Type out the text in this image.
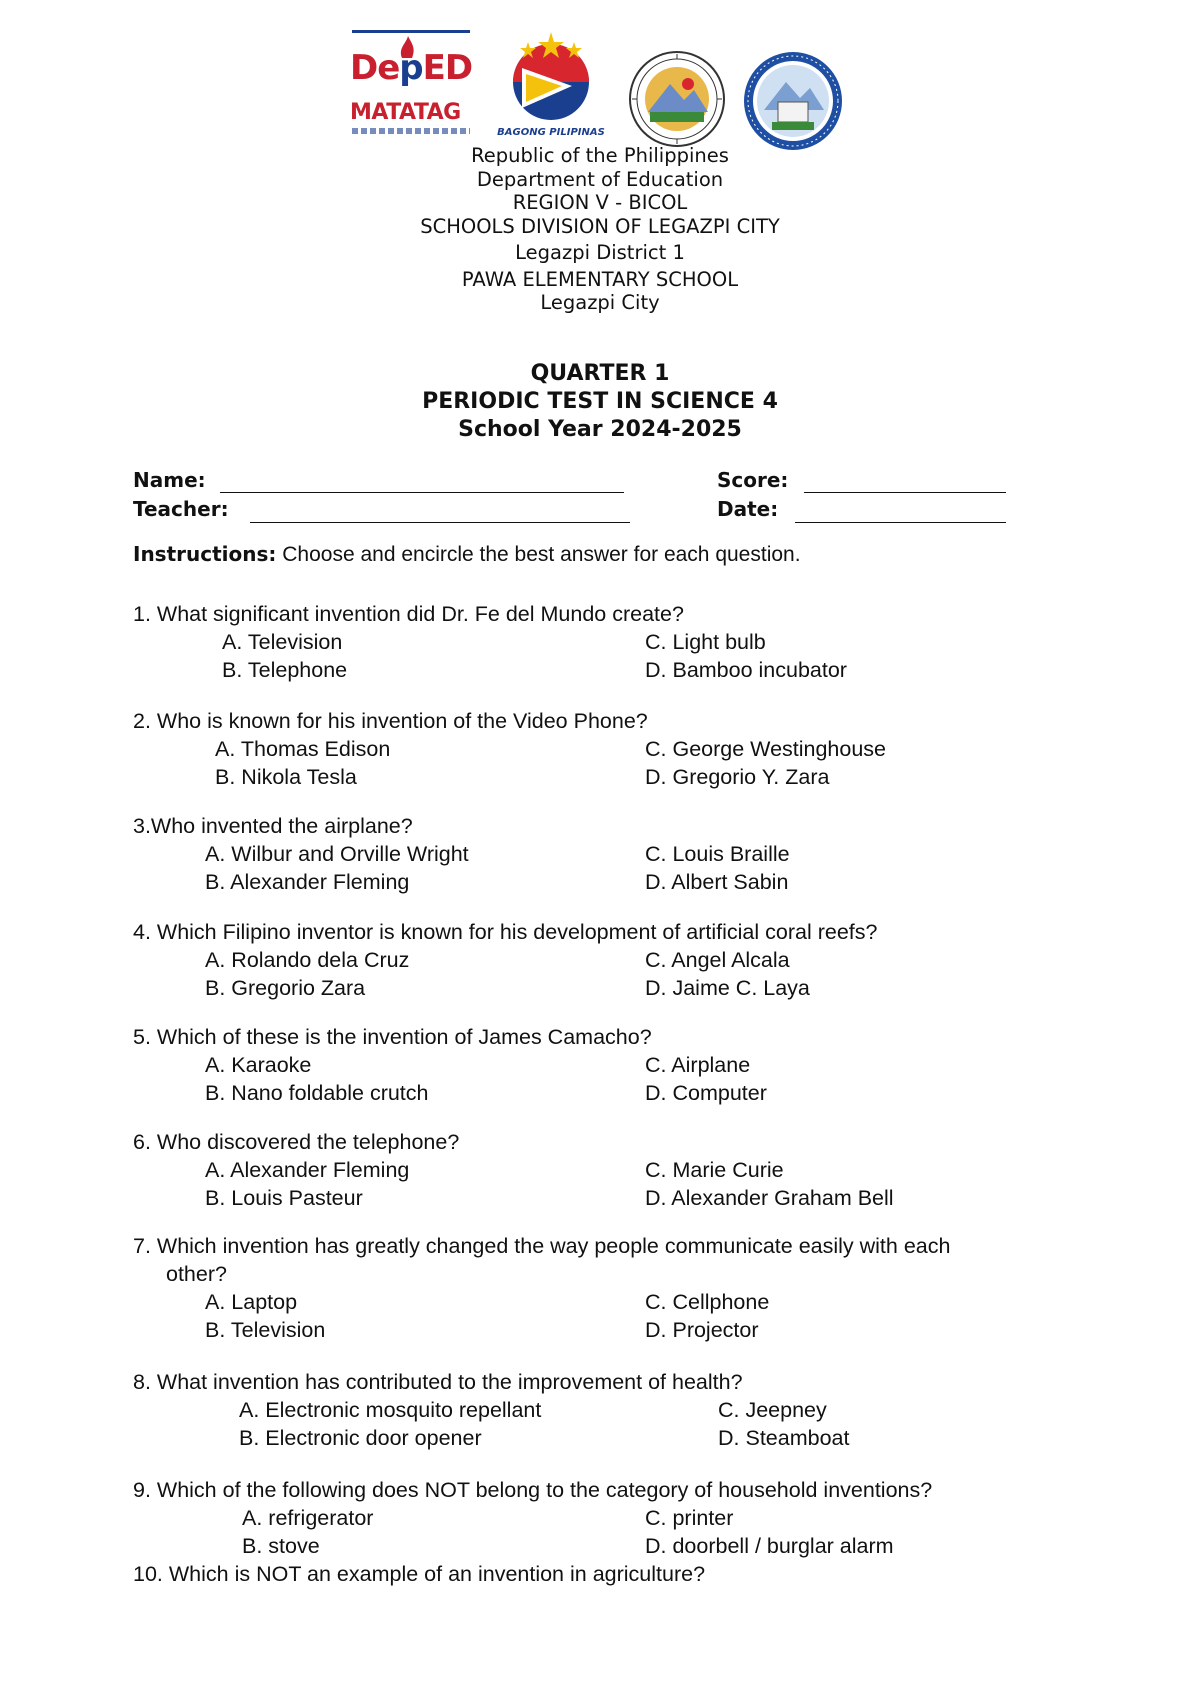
DepED
MATATAG
BAGONG PILIPINAS
Republic of the Philippines
Department of Education
REGION V - BICOL
SCHOOLS DIVISION OF LEGAZPI CITY
Legazpi District 1
PAWA ELEMENTARY SCHOOL
Legazpi City
QUARTER 1
PERIODIC TEST IN SCIENCE 4
School Year 2024-2025
Name:	Score:
Teacher:	Date:
Instructions: Choose and encircle the best answer for each question.
1. What significant invention did Dr. Fe del Mundo create?
A. Television
B. Telephone
C. Light bulb
D. Bamboo incubator
2. Who is known for his invention of the Video Phone?
A. Thomas Edison
B. Nikola Tesla
C. George Westinghouse
D. Gregorio Y. Zara
3.Who invented the airplane?
A. Wilbur and Orville Wright
B. Alexander Fleming
C. Louis Braille
D. Albert Sabin
4. Which Filipino inventor is known for his development of artificial coral reefs?
A. Rolando dela Cruz
B. Gregorio Zara
C. Angel Alcala
D. Jaime C. Laya
5. Which of these is the invention of James Camacho?
A. Karaoke
B. Nano foldable crutch
C. Airplane
D. Computer
6. Who discovered the telephone?
A. Alexander Fleming
B. Louis Pasteur
C. Marie Curie
D. Alexander Graham Bell
7. Which invention has greatly changed the way people communicate easily with each
other?
A. Laptop
B. Television
C. Cellphone
D. Projector
8. What invention has contributed to the improvement of health?
A. Electronic mosquito repellant
B. Electronic door opener
C. Jeepney
D. Steamboat
9. Which of the following does NOT belong to the category of household inventions?
A. refrigerator
B. stove
C. printer
D. doorbell / burglar alarm
10. Which is NOT an example of an invention in agriculture?
